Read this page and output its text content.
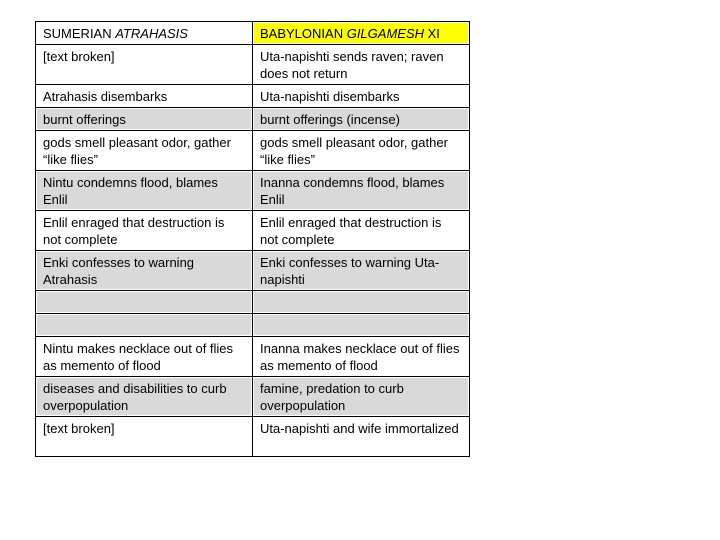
SUMERIAN ATRAHASIS	BABYLONIAN GILGAMESH XI
[text broken]	Uta-napishti sends raven; raven does not return
Atrahasis disembarks	Uta-napishti disembarks
burnt offerings	burnt offerings (incense)
gods smell pleasant odor, gather “like flies”	gods smell pleasant odor, gather “like flies”
Nintu condemns flood, blames Enlil	Inanna condemns flood, blames Enlil
Enlil enraged that destruction is not complete	Enlil enraged that destruction is not complete
Enki confesses to warning Atrahasis	Enki confesses to warning Uta-napishti

Nintu makes necklace out of flies as memento of flood	Inanna makes necklace out of flies as memento of flood
diseases and disabilities to curb overpopulation	famine, predation to curb overpopulation
[text broken]	Uta-napishti and wife immortalized
